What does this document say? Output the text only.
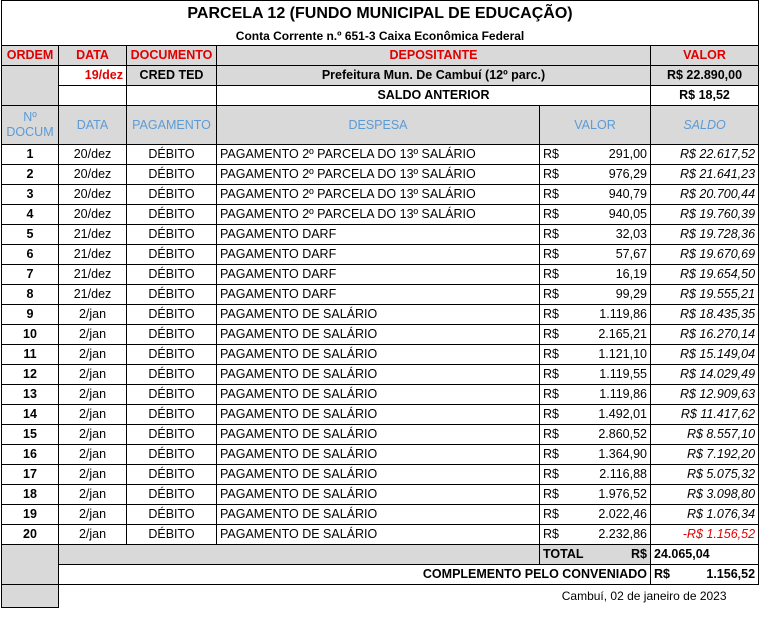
PARCELA 12 (FUNDO MUNICIPAL DE EDUCAÇÃO)					
Conta Corrente n.º 651-3 Caixa Econômica Federal					
ORDEM	DATA	DOCUMENTO	DEPOSITANTE		VALOR
	19/dez	CRED TED	Prefeitura Mun. De Cambuí (12º parc.)		R$ 22.890,00
			SALDO ANTERIOR		R$ 18,52
Nº DOCUM	DATA	PAGAMENTO	DESPESA	VALOR	SALDO
1	20/dez	DÉBITO	PAGAMENTO 2º PARCELA DO 13º SALÁRIO	R$ 291,00	R$ 22.617,52
2	20/dez	DÉBITO	PAGAMENTO 2º PARCELA DO 13º SALÁRIO	R$ 976,29	R$ 21.641,23
3	20/dez	DÉBITO	PAGAMENTO 2º PARCELA DO 13º SALÁRIO	R$ 940,79	R$ 20.700,44
4	20/dez	DÉBITO	PAGAMENTO 2º PARCELA DO 13º SALÁRIO	R$ 940,05	R$ 19.760,39
5	21/dez	DÉBITO	PAGAMENTO DARF	R$ 32,03	R$ 19.728,36
6	21/dez	DÉBITO	PAGAMENTO DARF	R$ 57,67	R$ 19.670,69
7	21/dez	DÉBITO	PAGAMENTO DARF	R$ 16,19	R$ 19.654,50
8	21/dez	DÉBITO	PAGAMENTO DARF	R$ 99,29	R$ 19.555,21
9	2/jan	DÉBITO	PAGAMENTO DE SALÁRIO	R$ 1.119,86	R$ 18.435,35
10	2/jan	DÉBITO	PAGAMENTO DE SALÁRIO	R$ 2.165,21	R$ 16.270,14
11	2/jan	DÉBITO	PAGAMENTO DE SALÁRIO	R$ 1.121,10	R$ 15.149,04
12	2/jan	DÉBITO	PAGAMENTO DE SALÁRIO	R$ 1.119,55	R$ 14.029,49
13	2/jan	DÉBITO	PAGAMENTO DE SALÁRIO	R$ 1.119,86	R$ 12.909,63
14	2/jan	DÉBITO	PAGAMENTO DE SALÁRIO	R$ 1.492,01	R$ 11.417,62
15	2/jan	DÉBITO	PAGAMENTO DE SALÁRIO	R$ 2.860,52	R$ 8.557,10
16	2/jan	DÉBITO	PAGAMENTO DE SALÁRIO	R$ 1.364,90	R$ 7.192,20
17	2/jan	DÉBITO	PAGAMENTO DE SALÁRIO	R$ 2.116,88	R$ 5.075,32
18	2/jan	DÉBITO	PAGAMENTO DE SALÁRIO	R$ 1.976,52	R$ 3.098,80
19	2/jan	DÉBITO	PAGAMENTO DE SALÁRIO	R$ 2.022,46	R$ 1.076,34
20	2/jan	DÉBITO	PAGAMENTO DE SALÁRIO	R$ 2.232,86	-R$ 1.156,52

				TOTAL R$	24.065,04
	COMPLEMENTO PELO CONVENIADO				R$ 1.156,52

	Cambuí, 02 de janeiro de 2023				
